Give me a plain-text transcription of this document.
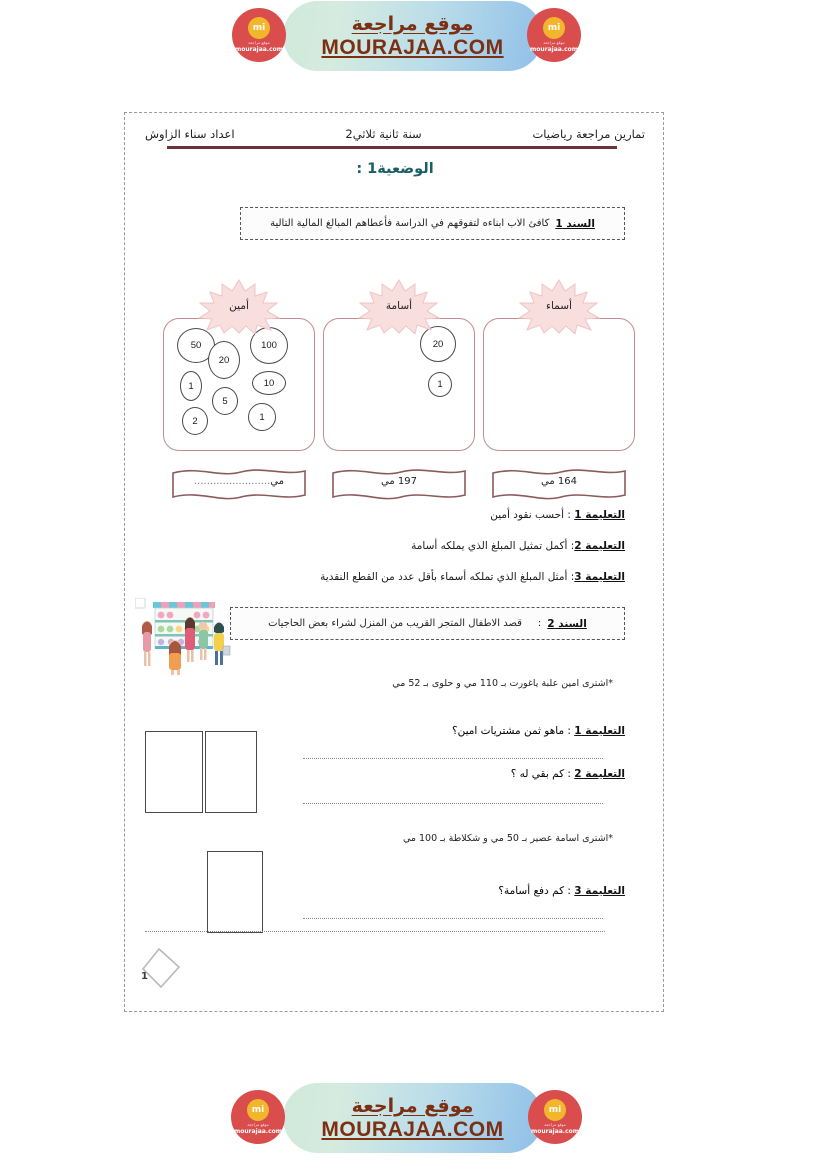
موقع مراجعة
MOURAJAA.COM
mi
موقع مراجعة
mourajaa.com
mi
موقع مراجعة
mourajaa.com
تمارين مراجعة رياضيات
سنة ثانية ثلاثي2
اعداد سناء الزاوش
الوضعية1 :
السند 1
كافئ الاب ابناءه لتفوقهم في الدراسة فأعطاهم المبالغ المالية التالية
أسماء
164 مي
أسامة
20
1
197 مي
أمين
50	100
20
10
1
5
2	1
مي........................
التعليمة 1 : أحسب نقود أمين
التعليمة 2: أكمل تمثيل المبلغ الذي يملكه أسامة
التعليمة 3: أمثل المبلغ الذي تملكه أسماء بأقل عدد من القطع النقدية
السند 2
:
قصد الاطفال المتجر القريب من المنزل لشراء بعض الحاجيات
*اشترى امين علبة ياغورت بـ 110 مي و حلوى بـ 52 مي
التعليمة 1 : ماهو ثمن مشتريات امين؟
التعليمة 2 : كم بقي له ؟
*اشترى اسامة عصير بـ 50 مي و شكلاطة بـ 100 مي
التعليمة 3 : كم دفع أسامة؟
1
موقع مراجعة
MOURAJAA.COM
mi
موقع مراجعة
mourajaa.com
mi
موقع مراجعة
mourajaa.com
